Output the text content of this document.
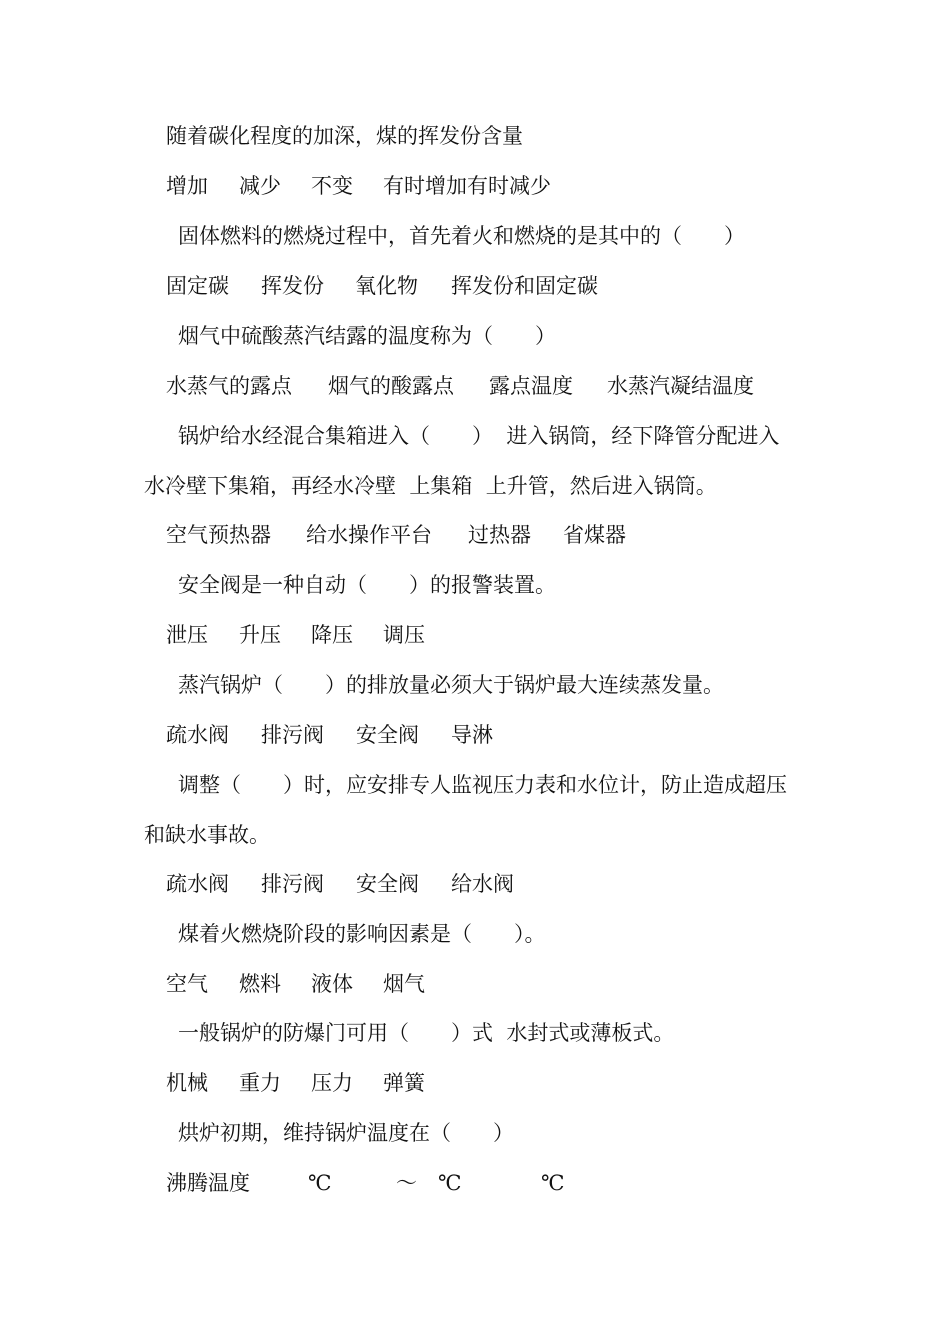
随着碳化程度的加深，煤的挥发份含量
增加	减少	不变	有时增加有时减少
固体燃料的燃烧过程中，首先着火和燃烧的是其中的（　　）
固定碳	挥发份	氧化物	挥发份和固定碳
烟气中硫酸蒸汽结露的温度称为（　　）
水蒸气的露点	烟气的酸露点	露点温度	水蒸汽凝结温度
锅炉给水经混合集箱进入（　　）  进入锅筒，经下降管分配进入
水冷壁下集箱，再经水冷壁  上集箱  上升管，然后进入锅筒。
空气预热器	给水操作平台	过热器	省煤器
安全阀是一种自动（　　）的报警装置。
泄压	升压	降压	调压
蒸汽锅炉（　　）的排放量必须大于锅炉最大连续蒸发量。
疏水阀	排污阀	安全阀	导淋
调整（　　）时，应安排专人监视压力表和水位计，防止造成超压
和缺水事故。
疏水阀	排污阀	安全阀	给水阀
煤着火燃烧阶段的影响因素是（　　）。
空气	燃料	液体	烟气
一般锅炉的防爆门可用（　　）式  水封式或薄板式。
机械	重力	压力	弹簧
烘炉初期，维持锅炉温度在（　　）
沸腾温度	℃	～　℃	℃
